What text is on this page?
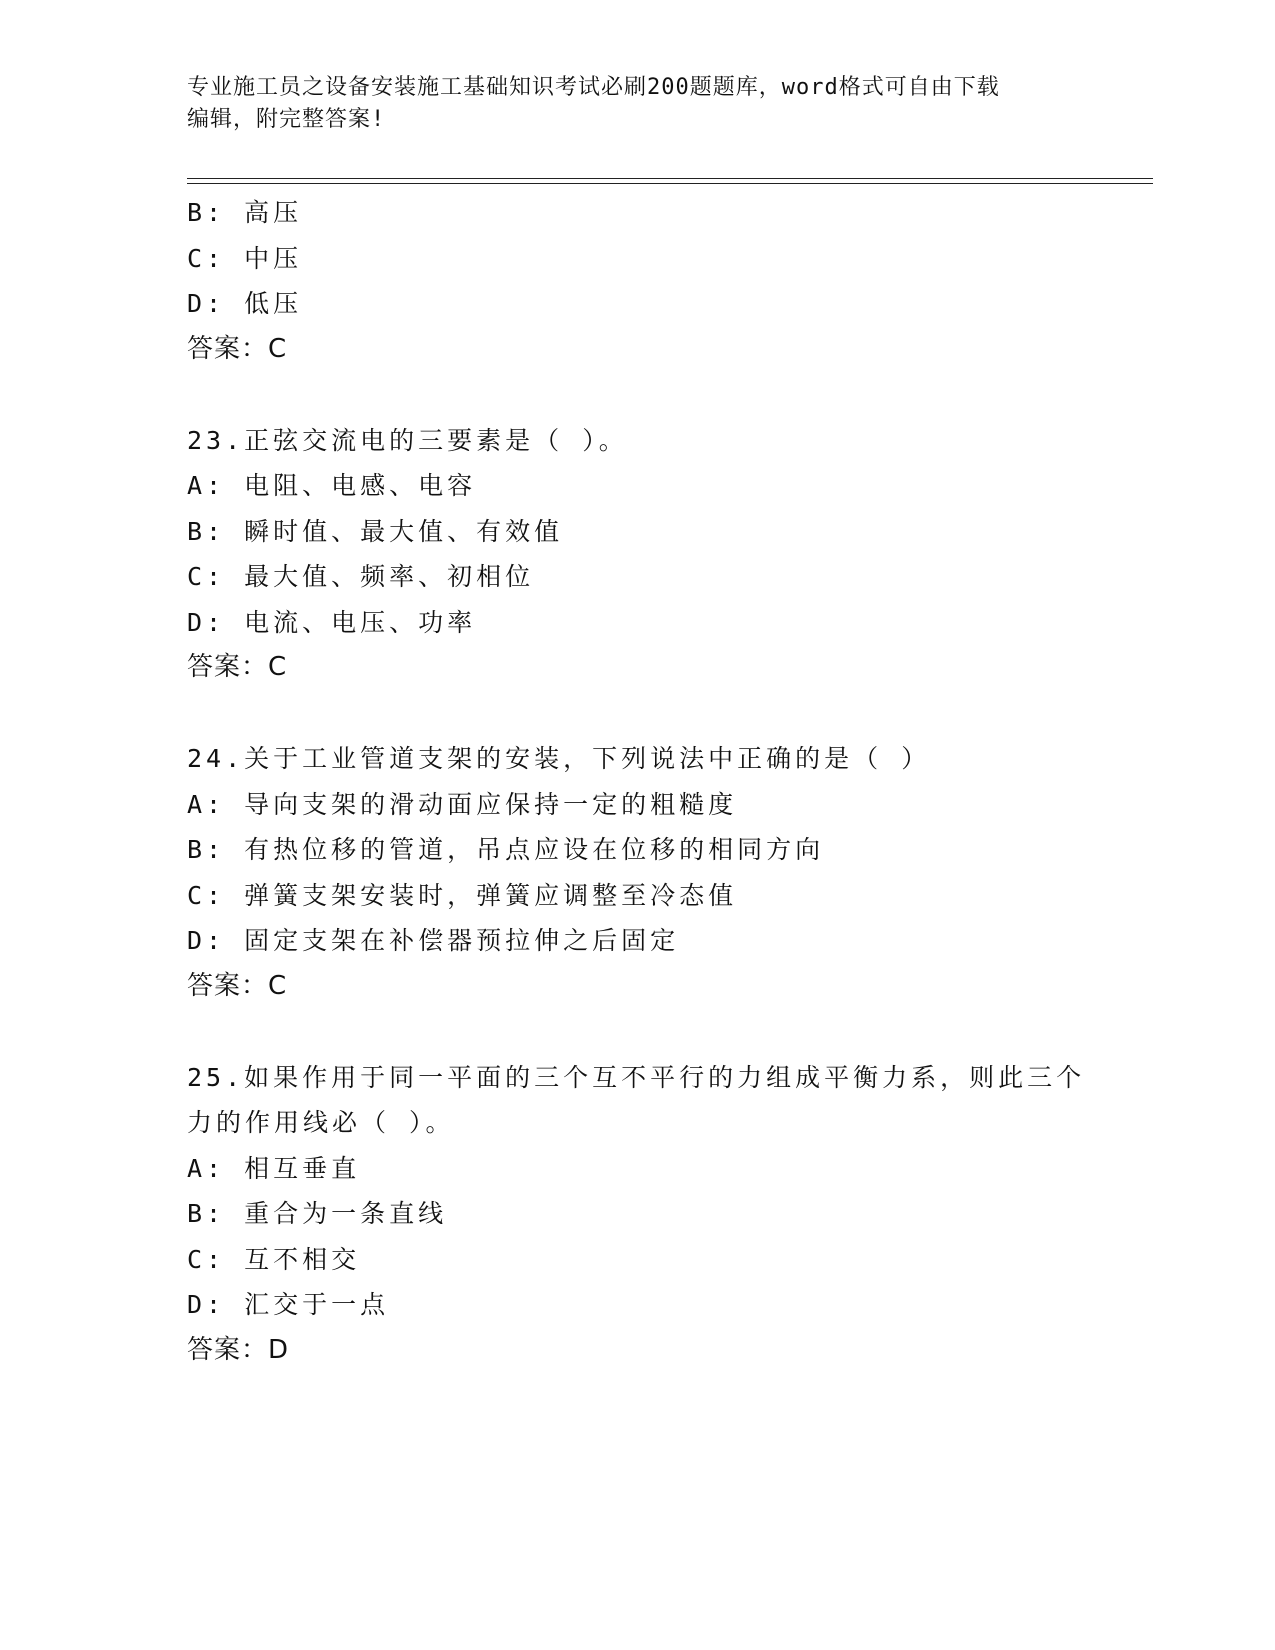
专业施工员之设备安装施工基础知识考试必刷200题题库，word格式可自由下载
编辑，附完整答案!
B: 高压
C: 中压
D: 低压
答案：C
23.正弦交流电的三要素是（ ）。
A: 电阻、电感、电容
B: 瞬时值、最大值、有效值
C: 最大值、频率、初相位
D: 电流、电压、功率
答案：C
24.关于工业管道支架的安装，下列说法中正确的是（ ）
A: 导向支架的滑动面应保持一定的粗糙度
B: 有热位移的管道，吊点应设在位移的相同方向
C: 弹簧支架安装时，弹簧应调整至冷态值
D: 固定支架在补偿器预拉伸之后固定
答案：C
25.如果作用于同一平面的三个互不平行的力组成平衡力系，则此三个
力的作用线必（ ）。
A: 相互垂直
B: 重合为一条直线
C: 互不相交
D: 汇交于一点
答案：D
